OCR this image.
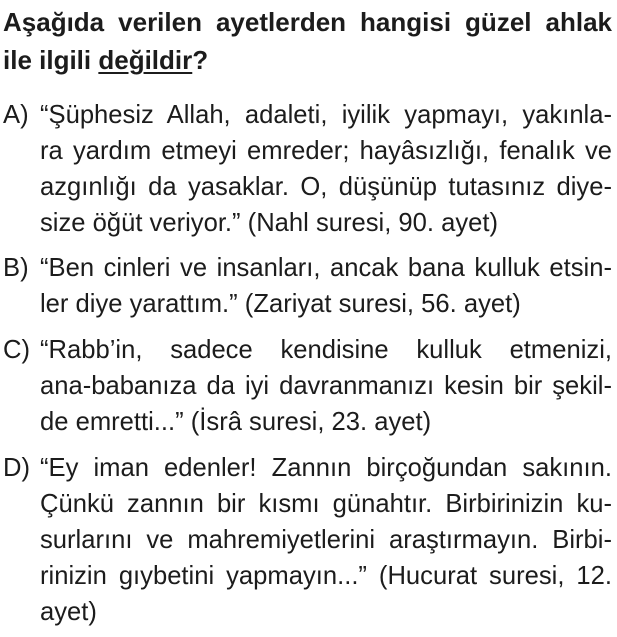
Aşağıda verilen ayetlerden hangisi güzel ahlak
ile ilgili değildir?
A) “Şüphesiz Allah, adaleti, iyilik yapmayı, yakınla-
ra yardım etmeyi emreder; hayâsızlığı, fenalık ve
azgınlığı da yasaklar. O, düşünüp tutasınız diye-
size öğüt veriyor.” (Nahl suresi, 90. ayet)
B) “Ben cinleri ve insanları, ancak bana kulluk etsin-
ler diye yarattım.” (Zariyat suresi, 56. ayet)
C) “Rabb’in, sadece kendisine kulluk etmenizi,
ana-babanıza da iyi davranmanızı kesin bir şekil-
de emretti...” (İsrâ suresi, 23. ayet)
D) “Ey iman edenler! Zannın birçoğundan sakının.
Çünkü zannın bir kısmı günahtır. Birbirinizin ku-
surlarını ve mahremiyetlerini araştırmayın. Birbi-
rinizin gıybetini yapmayın...” (Hucurat suresi, 12.
ayet)
